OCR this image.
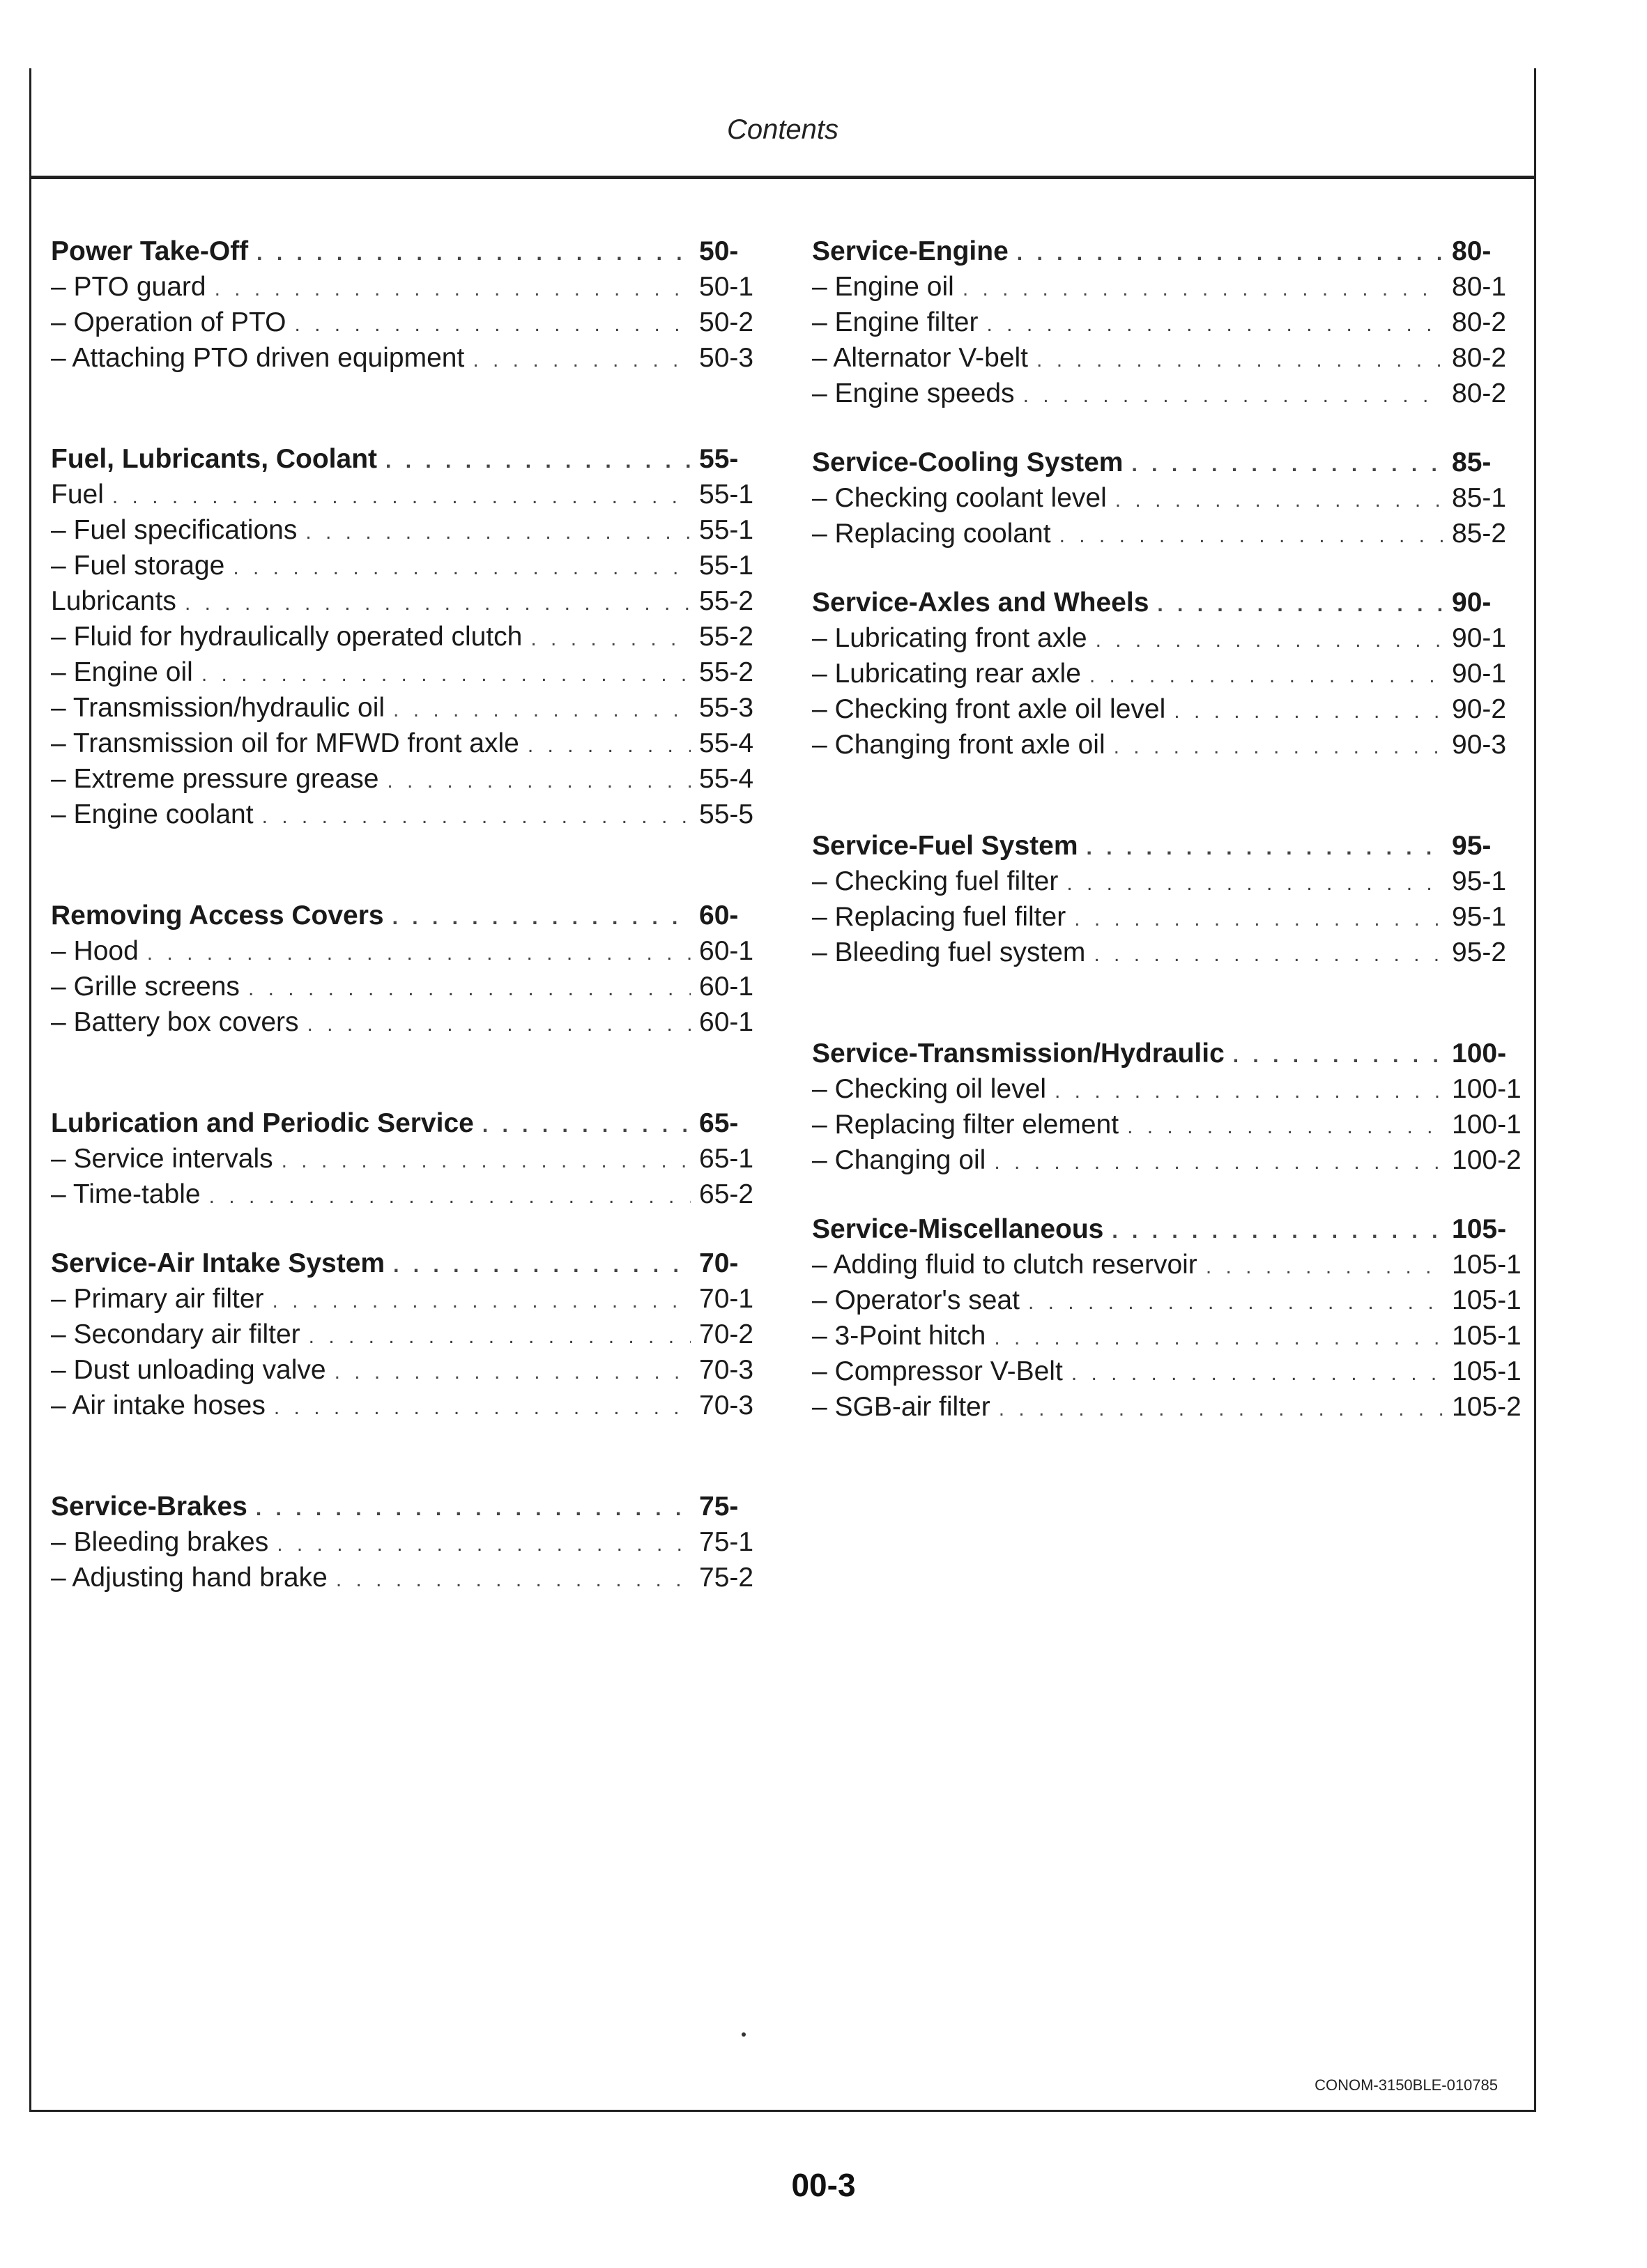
Contents
Power Take-Off . . .	50-
– PTO guard . . .	50-1
– Operation of PTO . . .	50-2
– Attaching PTO driven equipment . . .	50-3
Fuel, Lubricants, Coolant . . .	55-
Fuel . . .	55-1
– Fuel specifications . . .	55-1
– Fuel storage . . .	55-1
Lubricants . . .	55-2
– Fluid for hydraulically operated clutch . . .	55-2
– Engine oil . . .	55-2
– Transmission/hydraulic oil . . .	55-3
– Transmission oil for MFWD front axle . . .	55-4
– Extreme pressure grease . . .	55-4
– Engine coolant . . .	55-5
Removing Access Covers . . .	60-
– Hood . . .	60-1
– Grille screens . . .	60-1
– Battery box covers . . .	60-1
Lubrication and Periodic Service . . .	65-
– Service intervals . . .	65-1
– Time-table . . .	65-2
Service-Air Intake System . . .	70-
– Primary air filter . . .	70-1
– Secondary air filter . . .	70-2
– Dust unloading valve . . .	70-3
– Air intake hoses . . .	70-3
Service-Brakes . . .	75-
– Bleeding brakes . . .	75-1
– Adjusting hand brake . . .	75-2
Service-Engine . . .	80-
– Engine oil . . .	80-1
– Engine filter . . .	80-2
– Alternator V-belt . . .	80-2
– Engine speeds . . .	80-2
Service-Cooling System . . .	85-
– Checking coolant level . . .	85-1
– Replacing coolant . . .	85-2
Service-Axles and Wheels . . .	90-
– Lubricating front axle . . .	90-1
– Lubricating rear axle . . .	90-1
– Checking front axle oil level . . .	90-2
– Changing front axle oil . . .	90-3
Service-Fuel System . . .	95-
– Checking fuel filter . . .	95-1
– Replacing fuel filter . . .	95-1
– Bleeding fuel system . . .	95-2
Service-Transmission/Hydraulic . . .	100-
– Checking oil level . . .	100-1
– Replacing filter element . . .	100-1
– Changing oil . . .	100-2
Service-Miscellaneous . . .	105-
– Adding fluid to clutch reservoir . . .	105-1
– Operator's seat . . .	105-1
– 3-Point hitch . . .	105-1
– Compressor V-Belt . . .	105-1
– SGB-air filter . . .	105-2
CONOM-3150BLE-010785
00-3
